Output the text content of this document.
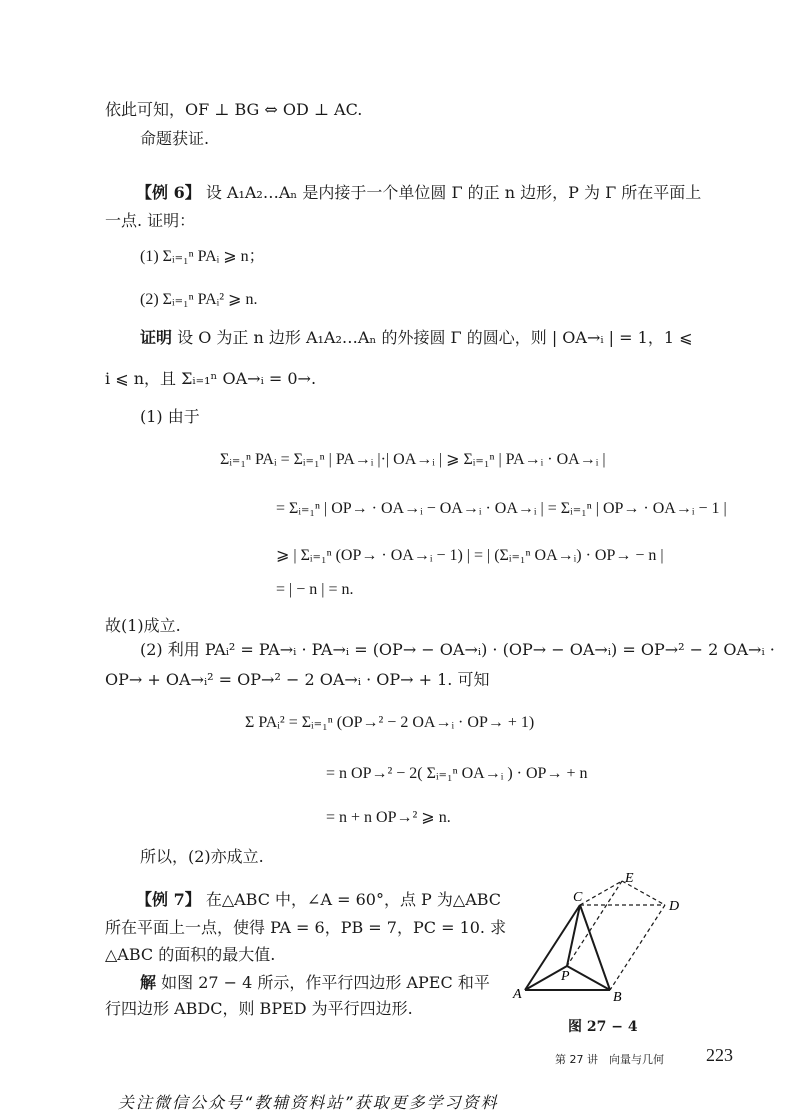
依此可知，OF ⊥ BG ⇔ OD ⊥ AC.
命题获证.
【例 6】 设 A₁A₂…Aₙ 是内接于一个单位圆 Γ 的正 n 边形，P 为 Γ 所在平面上
一点. 证明：
(1) Σᵢ₌₁ⁿ PAᵢ ⩾ n；
(2) Σᵢ₌₁ⁿ PAᵢ² ⩾ n.
证明 设 O 为正 n 边形 A₁A₂…Aₙ 的外接圆 Γ 的圆心，则 | OA→ᵢ | = 1，1 ⩽
i ⩽ n，且 Σᵢ₌₁ⁿ OA→ᵢ = 0→.
(1) 由于
Σᵢ₌₁ⁿ PAᵢ = Σᵢ₌₁ⁿ | PA→ᵢ |·| OA→ᵢ | ⩾ Σᵢ₌₁ⁿ | PA→ᵢ · OA→ᵢ |
= Σᵢ₌₁ⁿ | OP→ · OA→ᵢ − OA→ᵢ · OA→ᵢ | = Σᵢ₌₁ⁿ | OP→ · OA→ᵢ − 1 |
⩾ | Σᵢ₌₁ⁿ (OP→ · OA→ᵢ − 1) | = | (Σᵢ₌₁ⁿ OA→ᵢ) · OP→ − n |
= | − n | = n.
故(1)成立.
(2) 利用 PAᵢ² = PA→ᵢ · PA→ᵢ = (OP→ − OA→ᵢ) · (OP→ − OA→ᵢ) = OP→² − 2 OA→ᵢ ·
OP→ + OA→ᵢ² = OP→² − 2 OA→ᵢ · OP→ + 1. 可知
Σ PAᵢ² = Σᵢ₌₁ⁿ (OP→² − 2 OA→ᵢ · OP→ + 1)
= n OP→² − 2( Σᵢ₌₁ⁿ OA→ᵢ ) · OP→ + n
= n + n OP→² ⩾ n.
所以，(2)亦成立.
【例 7】 在△ABC 中，∠A = 60°，点 P 为△ABC
所在平面上一点，使得 PA = 6，PB = 7，PC = 10. 求
△ABC 的面积的最大值.
解 如图 27 − 4 所示，作平行四边形 APEC 和平
行四边形 ABDC，则 BPED 为平行四边形.
A	B
C
D
E
P
图 27 − 4
第 27 讲　向量与几何 223
关注微信公众号“教辅资料站”获取更多学习资料
